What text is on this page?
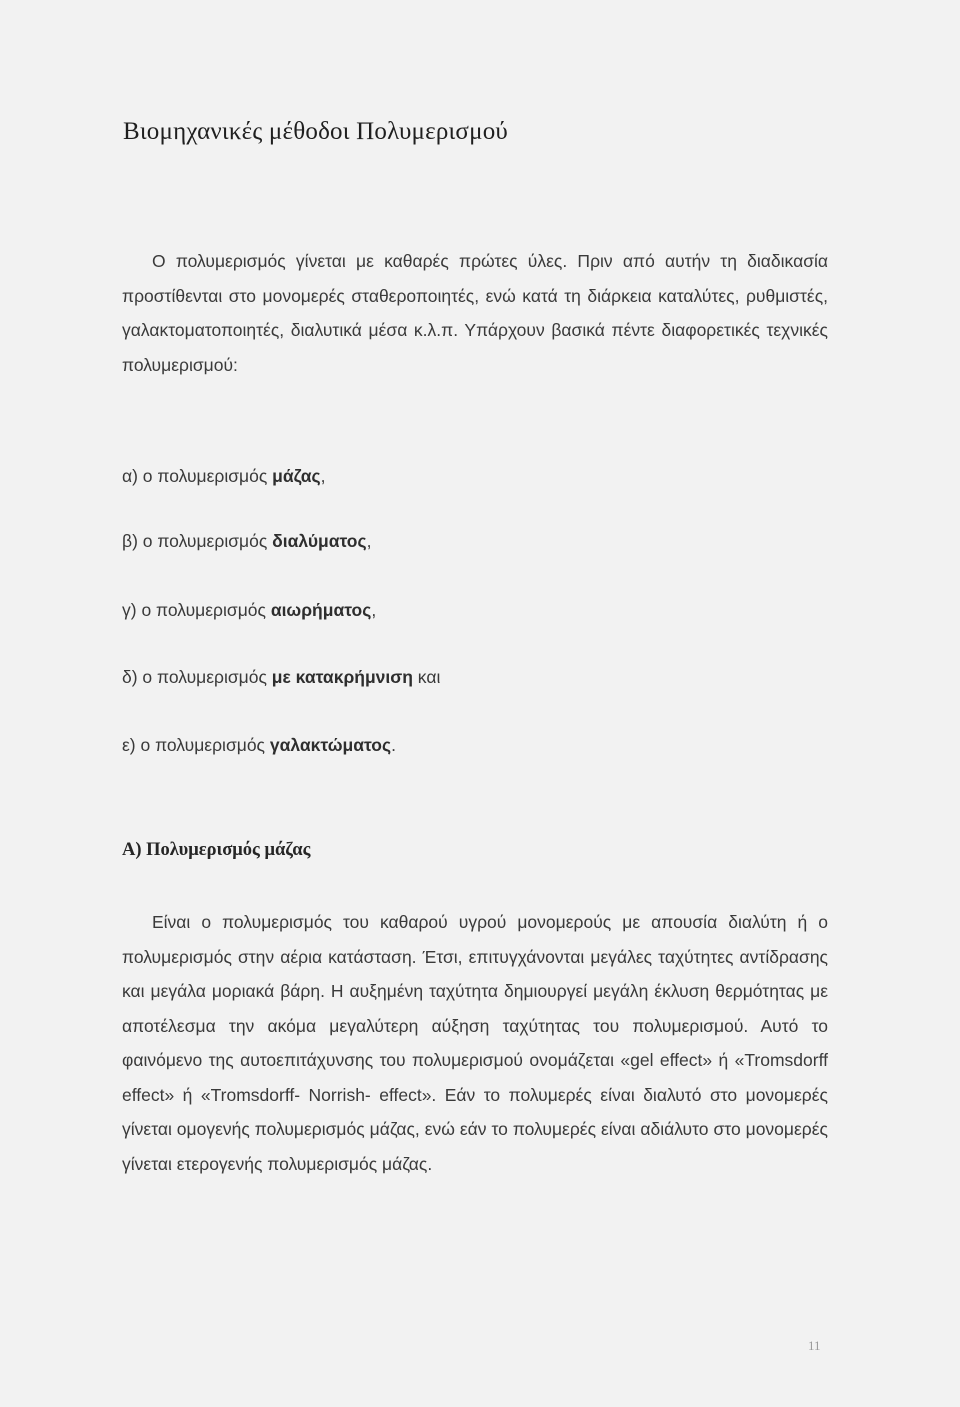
Βιομηχανικές μέθοδοι Πολυμερισμού

Ο πολυμερισμός γίνεται με καθαρές πρώτες ύλες. Πριν από αυτήν τη διαδικασία προστίθενται στο μονομερές σταθεροποιητές, ενώ κατά τη διάρκεια καταλύτες, ρυθμιστές, γαλακτοματοποιητές, διαλυτικά μέσα κ.λ.π. Υπάρχουν βασικά πέντε διαφορετικές τεχνικές πολυμερισμού:

α) ο πολυμερισμός μάζας,
β) ο πολυμερισμός διαλύματος,
γ) ο πολυμερισμός αιωρήματος,
δ) ο πολυμερισμός με κατακρήμνιση και
ε) ο πολυμερισμός γαλακτώματος.
Α) Πολυμερισμός μάζας

Είναι ο πολυμερισμός του καθαρού υγρού μονομερούς με απουσία διαλύτη ή ο πολυμερισμός στην αέρια κατάσταση. Έτσι, επιτυγχάνονται μεγάλες ταχύτητες αντίδρασης και μεγάλα μοριακά βάρη. Η αυξημένη ταχύτητα δημιουργεί μεγάλη έκλυση θερμότητας με αποτέλεσμα την ακόμα μεγαλύτερη αύξηση ταχύτητας του πολυμερισμού. Αυτό το φαινόμενο της αυτοεπιτάχυνσης του πολυμερισμού ονομάζεται «gel effect» ή «Tromsdorff effect» ή «Tromsdorff- Norrish- effect». Εάν το πολυμερές είναι διαλυτό στο μονομερές γίνεται ομογενής πολυμερισμός μάζας, ενώ εάν το πολυμερές είναι αδιάλυτο στο μονομερές γίνεται ετερογενής πολυμερισμός μάζας.

11
